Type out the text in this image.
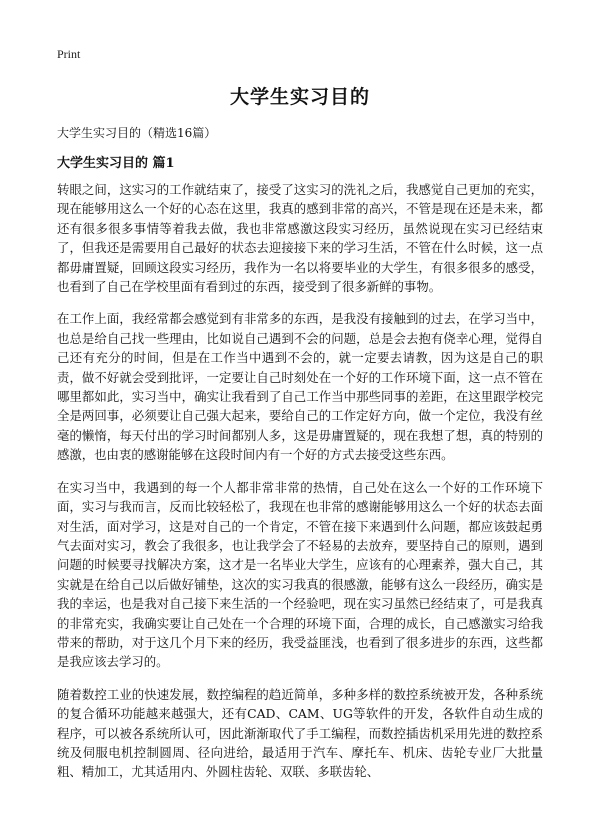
Print
大学生实习目的
大学生实习目的（精选16篇）
大学生实习目的 篇1

转眼之间，这实习的工作就结束了，接受了这实习的洗礼之后，我感觉自己更加的充实，现在能够用这么一个好的心态在这里，我真的感到非常的高兴，不管是现在还是未来，都还有很多很多事情等着我去做，我也非常感激这段实习经历，虽然说现在实习已经结束了，但我还是需要用自己最好的状态去迎接接下来的学习生活，不管在什么时候，这一点都毋庸置疑，回顾这段实习经历，我作为一名以将要毕业的大学生，有很多很多的感受，也看到了自己在学校里面有看到过的东西，接受到了很多新鲜的事物。

在工作上面，我经常都会感觉到有非常多的东西，是我没有接触到的过去，在学习当中，也总是给自己找一些理由，比如说自己遇到不会的问题，总是会去抱有侥幸心理，觉得自己还有充分的时间，但是在工作当中遇到不会的，就一定要去请教，因为这是自己的职责，做不好就会受到批评，一定要让自己时刻处在一个好的工作环境下面，这一点不管在哪里都如此，实习当中，确实让我看到了自己工作当中那些同事的差距，在这里跟学校完全是两回事，必须要让自己强大起来，要给自己的工作定好方向，做一个定位，我没有丝毫的懒惰，每天付出的学习时间都别人多，这是毋庸置疑的，现在我想了想，真的特别的感激，也由衷的感谢能够在这段时间内有一个好的方式去接受这些东西。

在实习当中，我遇到的每一个人都非常非常的热情，自己处在这么一个好的工作环境下面，实习与我而言，反而比较轻松了，我现在也非常的感谢能够用这么一个好的状态去面对生活，面对学习，这是对自己的一个肯定，不管在接下来遇到什么问题，都应该鼓起勇气去面对实习，教会了我很多，也让我学会了不轻易的去放弃，要坚持自己的原则，遇到问题的时候要寻找解决方案，这才是一名毕业大学生，应该有的心理素养，强大自己，其实就是在给自己以后做好铺垫，这次的实习我真的很感激，能够有这么一段经历，确实是我的幸运，也是我对自己接下来生活的一个经验吧，现在实习虽然已经结束了，可是我真的非常充实，我确实要让自己处在一个合理的环境下面，合理的成长，自己感激实习给我带来的帮助，对于这几个月下来的经历，我受益匪浅，也看到了很多进步的东西，这些都是我应该去学习的。

随着数控工业的快速发展，数控编程的趋近简单，多种多样的数控系统被开发，各种系统的复合循环功能越来越强大，还有CAD、CAM、UG等软件的开发，各软件自动生成的程序，可以被各系统所认可，因此渐渐取代了手工编程，而数控插齿机采用先进的数控系统及伺服电机控制圆周、径向进给，最适用于汽车、摩托车、机床、齿轮专业厂大批量粗、精加工，尤其适用内、外圆柱齿轮、双联、多联齿轮、
